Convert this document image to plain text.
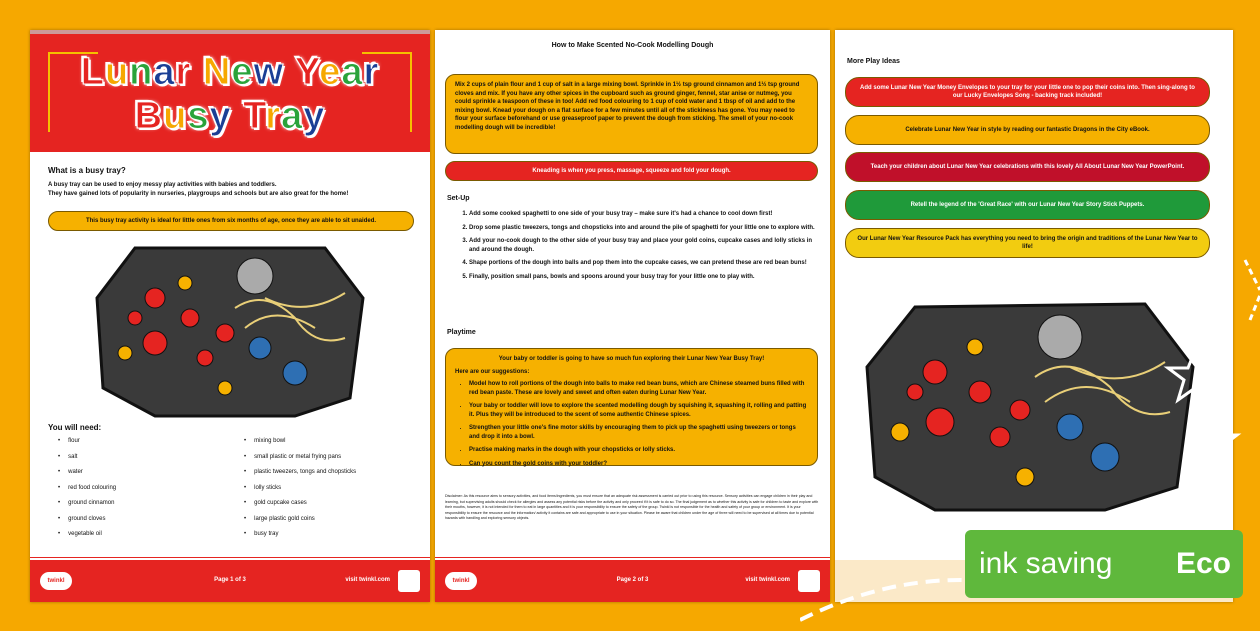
Lunar New Year
Busy Tray
What is a busy tray?
A busy tray can be used to enjoy messy play activities with babies and toddlers.
They have gained lots of popularity in nurseries, playgroups and schools but are also great for the home!
This busy tray activity is ideal for little ones from six months of age, once they are able to sit unaided.
You will need:
• flour
• salt
• water
• red food colouring
• ground cinnamon
• ground cloves
• vegetable oil
• mixing bowl
• small plastic or metal frying pans
• plastic tweezers, tongs and chopsticks
• lolly sticks
• gold cupcake cases
• large plastic gold coins
• busy tray
twinkl	Page 1 of 3	visit twinkl.com
How to Make Scented No-Cook Modelling Dough
Mix 2 cups of plain flour and 1 cup of salt in a large mixing bowl. Sprinkle in 1½ tsp ground cinnamon and 1½ tsp ground cloves and mix. If you have any other spices in the cupboard such as ground ginger, fennel, star anise or nutmeg, you could sprinkle a teaspoon of these in too! Add red food colouring to 1 cup of cold water and 1 tbsp of oil and add to the mixing bowl. Knead your dough on a flat surface for a few minutes until all of the stickiness has gone. You may need to flour your surface beforehand or use greaseproof paper to prevent the dough from sticking. The smell of your no-cook modelling dough will be incredible!
Kneading is when you press, massage, squeeze and fold your dough.
Set-Up
1. Add some cooked spaghetti to one side of your busy tray – make sure it's had a chance to cool down first!
2. Drop some plastic tweezers, tongs and chopsticks into and around the pile of spaghetti for your little one to explore with.
3. Add your no-cook dough to the other side of your busy tray and place your gold coins, cupcake cases and lolly sticks in and around the dough.
4. Shape portions of the dough into balls and pop them into the cupcake cases, we can pretend these are red bean buns!
5. Finally, position small pans, bowls and spoons around your busy tray for your little one to play with.
Playtime
Your baby or toddler is going to have so much fun exploring their Lunar New Year Busy Tray!
Here are our suggestions:
• Model how to roll portions of the dough into balls to make red bean buns, which are Chinese steamed buns filled with red bean paste. These are lovely and sweet and often eaten during Lunar New Year.
• Your baby or toddler will love to explore the scented modelling dough by squishing it, squashing it, rolling and patting it. Plus they will be introduced to the scent of some authentic Chinese spices.
• Strengthen your little one's fine motor skills by encouraging them to pick up the spaghetti using tweezers or tongs and drop it into a bowl.
• Practise making marks in the dough with your chopsticks or lolly sticks.
• Can you count the gold coins with your toddler?
Disclaimer: As this resource aims to sensory activities, and food items/ingredients, you must ensure that an adequate risk assessment is carried out prior to using this resource. Sensory activities can engage children in their play and learning, but supervising adults should check for allergies and assess any potential risks before the activity and only proceed if it is safe to do so. The final judgement as to whether this activity is safe for children to taste and explore with their mouths, however, it is not intended for them to eat in large quantities and it is your responsibility to ensure the safety of the group. Twinkl is not responsible for the health and safety of your group or environment. It is your responsibility to ensure the resource and the information/ activity it contains are safe and appropriate to use in your situation. Please be aware that children under the age of three will need to be supervised at all times due to potential hazards with handling and exploring sensory objects.
twinkl	Page 2 of 3	visit twinkl.com
More Play Ideas
Add some Lunar New Year Money Envelopes to your tray for your little one to pop their coins into. Then sing-along to our Lucky Envelopes Song - backing track included!
Celebrate Lunar New Year in style by reading our fantastic Dragons in the City eBook.
Teach your children about Lunar New Year celebrations with this lovely All About Lunar New Year PowerPoint.
Retell the legend of the 'Great Race' with our Lunar New Year Story Stick Puppets.
Our Lunar New Year Resource Pack has everything you need to bring the origin and traditions of the Lunar New Year to life!
ink saving	Eco
